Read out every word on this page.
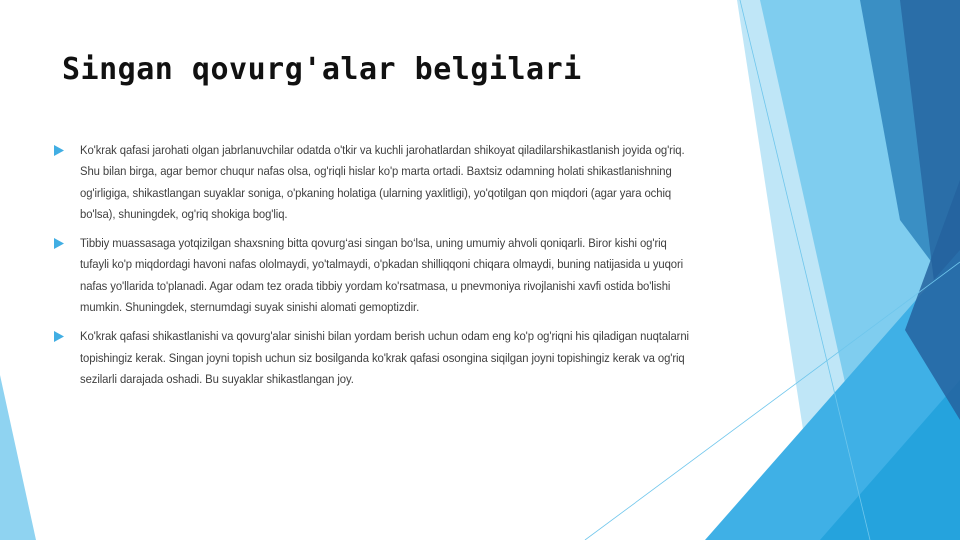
Singan qovurg'alar belgilari
Ko'krak qafasi jarohati olgan jabrlanuvchilar odatda o'tkir va kuchli jarohatlardan shikoyat qiladilarshikastlanish joyida og'riq. Shu bilan birga, agar bemor chuqur nafas olsa, og'riqli hislar ko'p marta ortadi. Baxtsiz odamning holati shikastlanishning og'irligiga, shikastlangan suyaklar soniga, o'pkaning holatiga (ularning yaxlitligi), yo'qotilgan qon miqdori (agar yara ochiq bo'lsa), shuningdek, og'riq shokiga bog'liq.
Tibbiy muassasaga yotqizilgan shaxsning bitta qovurg‘asi singan bo‘lsa, uning umumiy ahvoli qoniqarli. Biror kishi og'riq tufayli ko'p miqdordagi havoni nafas ololmaydi, yo'talmaydi, o'pkadan shilliqqoni chiqara olmaydi, buning natijasida u yuqori nafas yo'llarida to'planadi. Agar odam tez orada tibbiy yordam ko'rsatmasa, u pnevmoniya rivojlanishi xavfi ostida bo'lishi mumkin. Shuningdek, sternumdagi suyak sinishi alomati gemoptizdir.
Ko'krak qafasi shikastlanishi va qovurg'alar sinishi bilan yordam berish uchun odam eng ko'p og'riqni his qiladigan nuqtalarni topishingiz kerak. Singan joyni topish uchun siz bosilganda ko'krak qafasi osongina siqilgan joyni topishingiz kerak va og'riq sezilarli darajada oshadi. Bu suyaklar shikastlangan joy.
